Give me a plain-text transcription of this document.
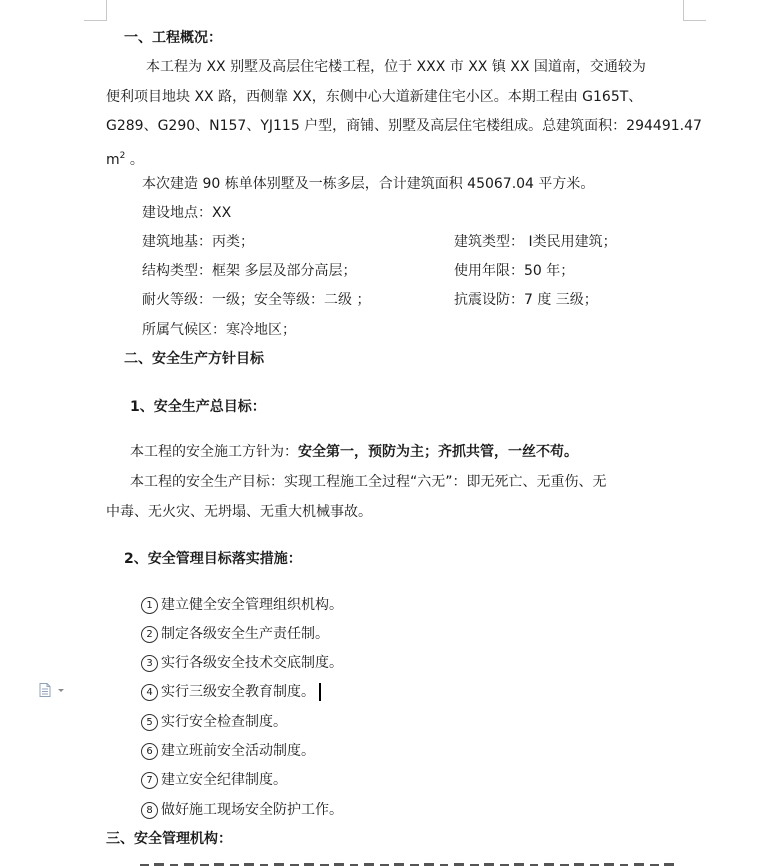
一、工程概况：
本工程为 XX 别墅及高层住宅楼工程，位于 XXX 市 XX 镇 XX 国道南，交通较为
便利项目地块 XX 路，西侧靠 XX，东侧中心大道新建住宅小区。本期工程由 G165T、
G289、G290、N157、YJ115 户型，商铺、别墅及高层住宅楼组成。总建筑面积：294491.47
$m^2$ 。
本次建造 90 栋单体别墅及一栋多层，合计建筑面积 45067.04 平方米。
建设地点：XX
建筑地基：丙类；	建筑类型： Ⅰ类民用建筑；
结构类型：框架 多层及部分高层；	使用年限：50 年；
耐火等级：一级；安全等级：二级 ；	抗震设防：7 度 三级；
所属气候区：寒冷地区；
二、安全生产方针目标
1、安全生产总目标：
本工程的安全施工方针为：安全第一，预防为主；齐抓共管，一丝不苟。
本工程的安全生产目标：实现工程施工全过程“六无”：即无死亡、无重伤、无
中毒、无火灾、无坍塌、无重大机械事故。
2、安全管理目标落实措施：
1 建立健全安全管理组织机构。
2 制定各级安全生产责任制。
3 实行各级安全技术交底制度。
4 实行三级安全教育制度。
5 实行安全检查制度。
6 建立班前安全活动制度。
7 建立安全纪律制度。
8 做好施工现场安全防护工作。
三、安全管理机构：
